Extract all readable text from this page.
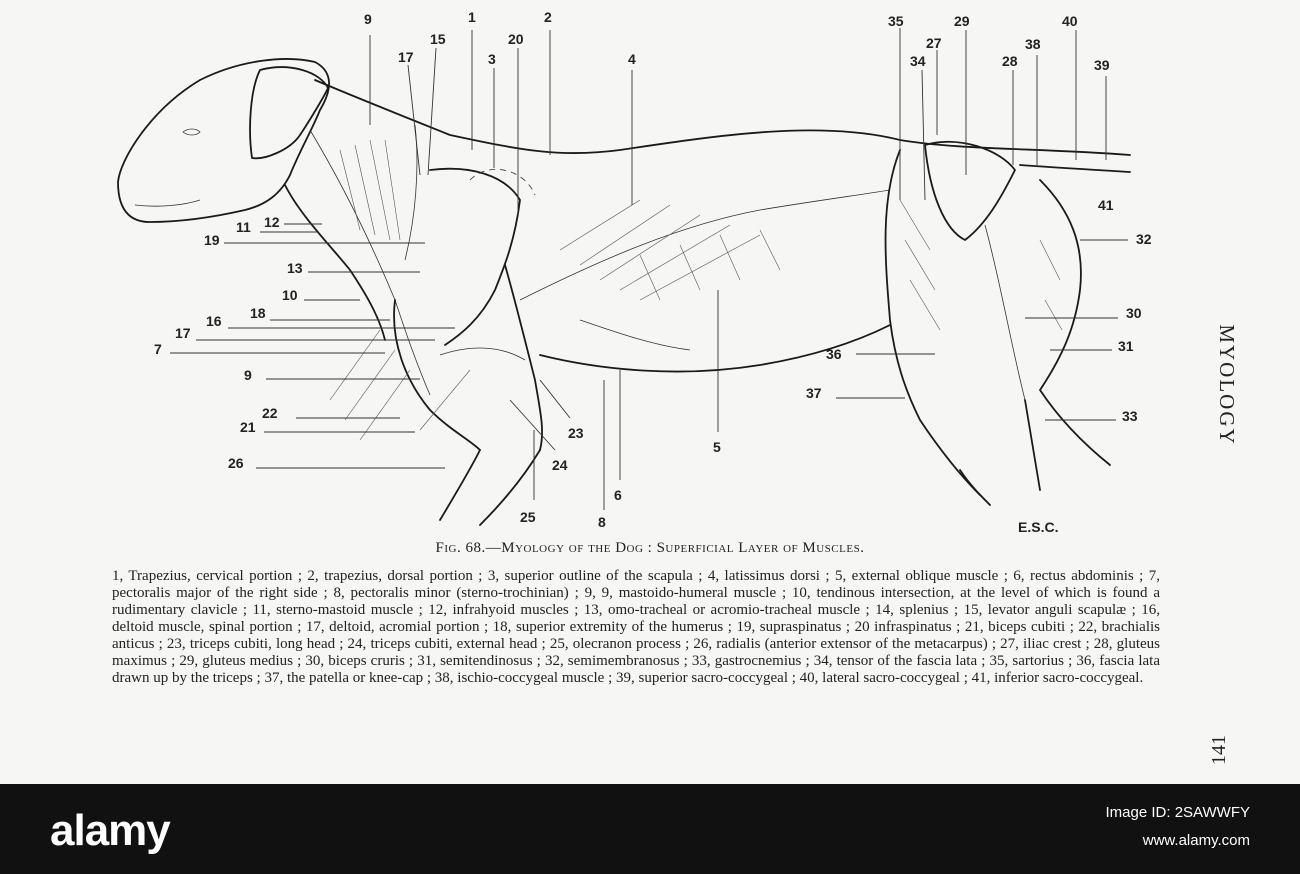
9	1	2
17
15
3
20
4
35	29
27
34	28
38
40
39
41
32
30
31
33
36
37
5
6
8
25
24
23
11 12
19
13
10
16 18
17
7
9
22
21
26
E.S.C.
Fig. 68.—Myology of the Dog : Superficial Layer of Muscles.
1, Trapezius, cervical portion ; 2, trapezius, dorsal portion ; 3, superior outline of the scapula ; 4, latissimus dorsi ; 5, external oblique muscle ; 6, rectus abdominis ; 7, pectoralis major of the right side ; 8, pectoralis minor (sterno-trochinian) ; 9, 9, mastoido-humeral muscle ; 10, tendinous intersection, at the level of which is found a rudimentary clavicle ; 11, sterno-mastoid muscle ; 12, infrahyoid muscles ; 13, omo-tracheal or acromio-tracheal muscle ; 14, splenius ; 15, levator anguli scapulæ ; 16, deltoid muscle, spinal portion ; 17, deltoid, acromial portion ; 18, superior extremity of the humerus ; 19, supraspinatus ; 20 infraspinatus ; 21, biceps cubiti ; 22, brachialis anticus ; 23, triceps cubiti, long head ; 24, triceps cubiti, external head ; 25, olecranon process ; 26, radialis (anterior extensor of the metacarpus) ; 27, iliac crest ; 28, gluteus maximus ; 29, gluteus medius ; 30, biceps cruris ; 31, semitendinosus ; 32, semimembranosus ; 33, gastrocnemius ; 34, tensor of the fascia lata ; 35, sartorius ; 36, fascia lata drawn up by the triceps ; 37, the patella or knee-cap ; 38, ischio-coccygeal muscle ; 39, superior sacro-coccygeal ; 40, lateral sacro-coccygeal ; 41, inferior sacro-coccygeal.
MYOLOGY
141
alamy	Image ID: 2SAWWFY
www.alamy.com
